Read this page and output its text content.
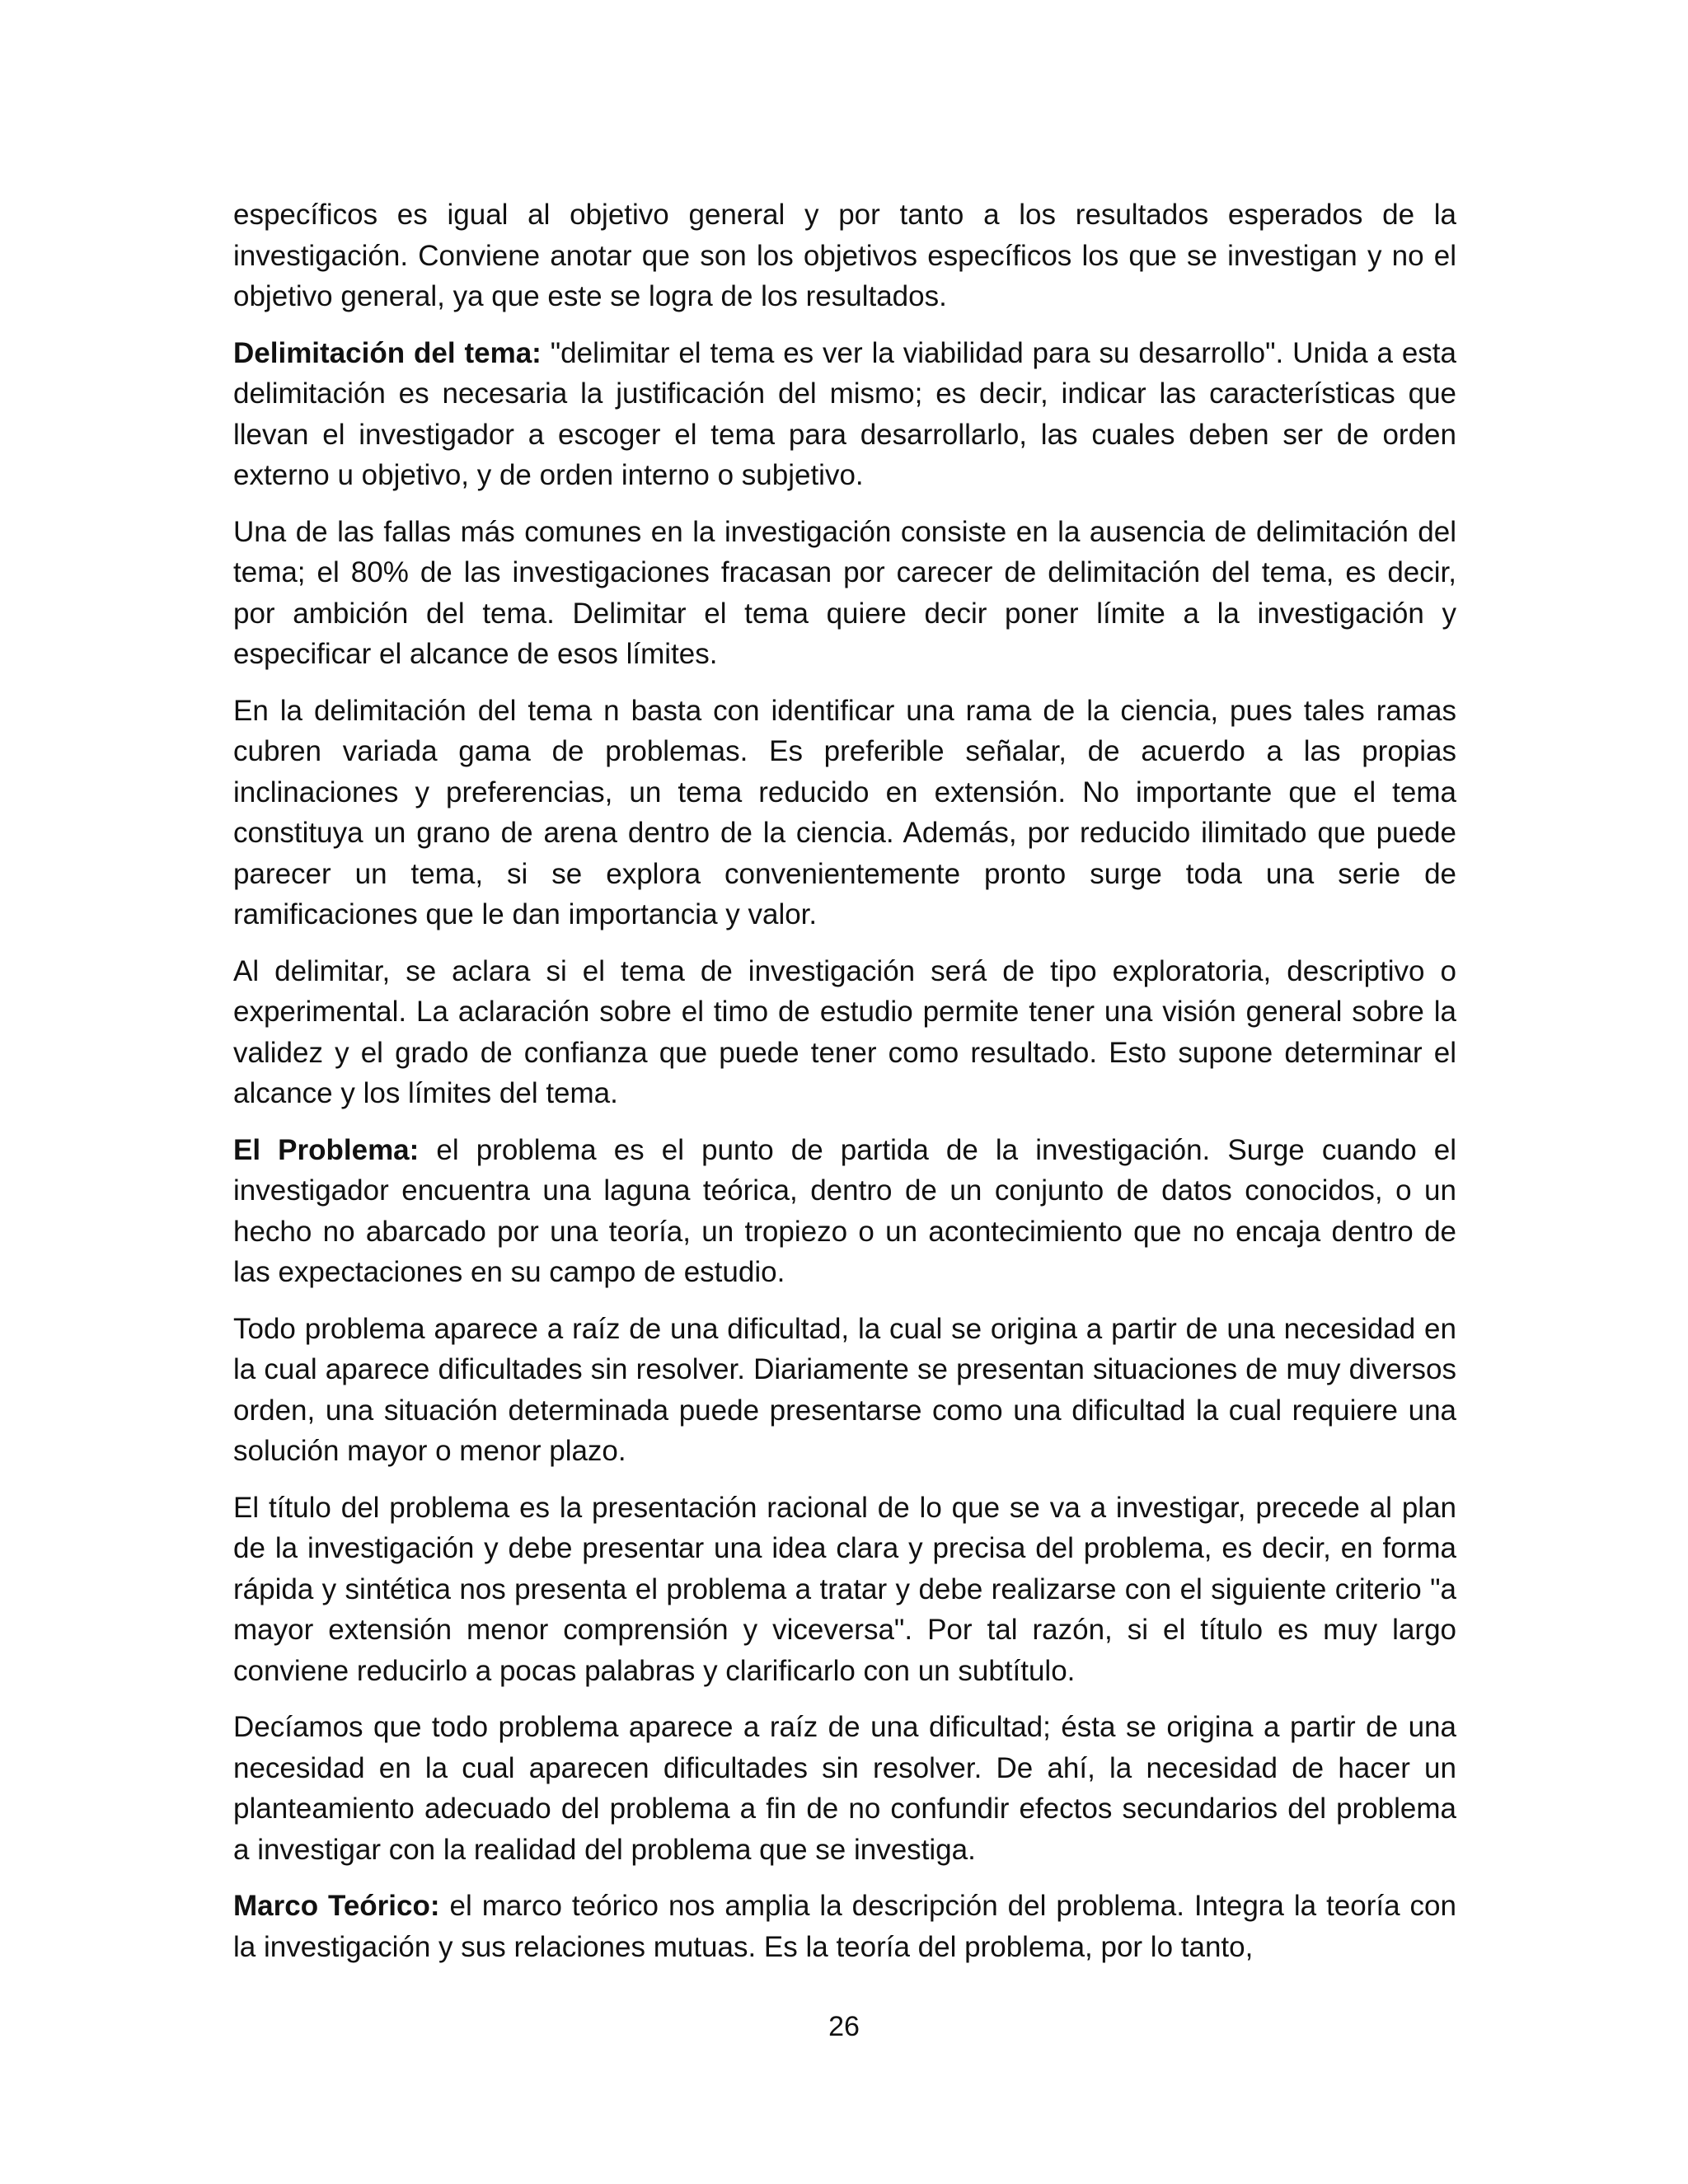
específicos es igual al objetivo general y por tanto a los resultados esperados de la investigación. Conviene anotar que son los objetivos específicos los que se investigan y no el objetivo general, ya que este se logra de los resultados.

Delimitación del tema: "delimitar el tema es ver la viabilidad para su desarrollo". Unida a esta delimitación es necesaria la justificación del mismo; es decir, indicar las características que llevan el investigador a escoger el tema para desarrollarlo, las cuales deben ser de orden externo u objetivo, y de orden interno o subjetivo.

Una de las fallas más comunes en la investigación consiste en la ausencia de delimitación del tema; el 80% de las investigaciones fracasan por carecer de delimitación del tema, es decir, por ambición del tema. Delimitar el tema quiere decir poner límite a la investigación y especificar el alcance de esos límites.

En la delimitación del tema n basta con identificar una rama de la ciencia, pues tales ramas cubren variada gama de problemas. Es preferible señalar, de acuerdo a las propias inclinaciones y preferencias, un tema reducido en extensión. No importante que el tema constituya un grano de arena dentro de la ciencia. Además, por reducido ilimitado que puede parecer un tema, si se explora convenientemente pronto surge toda una serie de ramificaciones que le dan importancia y valor.

Al delimitar, se aclara si el tema de investigación será de tipo exploratoria, descriptivo o experimental. La aclaración sobre el timo de estudio permite tener una visión general sobre la validez y el grado de confianza que puede tener como resultado. Esto supone determinar el alcance y los límites del tema.

El Problema: el problema es el punto de partida de la investigación. Surge cuando el investigador encuentra una laguna teórica, dentro de un conjunto de datos conocidos, o un hecho no abarcado por una teoría, un tropiezo o un acontecimiento que no encaja dentro de las expectaciones en su campo de estudio.

Todo problema aparece a raíz de una dificultad, la cual se origina a partir de una necesidad en la cual aparece dificultades sin resolver. Diariamente se presentan situaciones de muy diversos orden, una situación determinada puede presentarse como una dificultad la cual requiere una solución mayor o menor plazo.

El título del problema es la presentación racional de lo que se va a investigar, precede al plan de la investigación y debe presentar una idea clara y precisa del problema, es decir, en forma rápida y sintética nos presenta el problema a tratar y debe realizarse con el siguiente criterio "a mayor extensión menor comprensión y viceversa". Por tal razón, si el título es muy largo conviene reducirlo a pocas palabras y clarificarlo con un subtítulo.

Decíamos que todo problema aparece a raíz de una dificultad; ésta se origina a partir de una necesidad en la cual aparecen dificultades sin resolver. De ahí, la necesidad de hacer un planteamiento adecuado del problema a fin de no confundir efectos secundarios del problema a investigar con la realidad del problema que se investiga.

Marco Teórico: el marco teórico nos amplia la descripción del problema. Integra la teoría con la investigación y sus relaciones mutuas. Es la teoría del problema, por lo tanto,

26
